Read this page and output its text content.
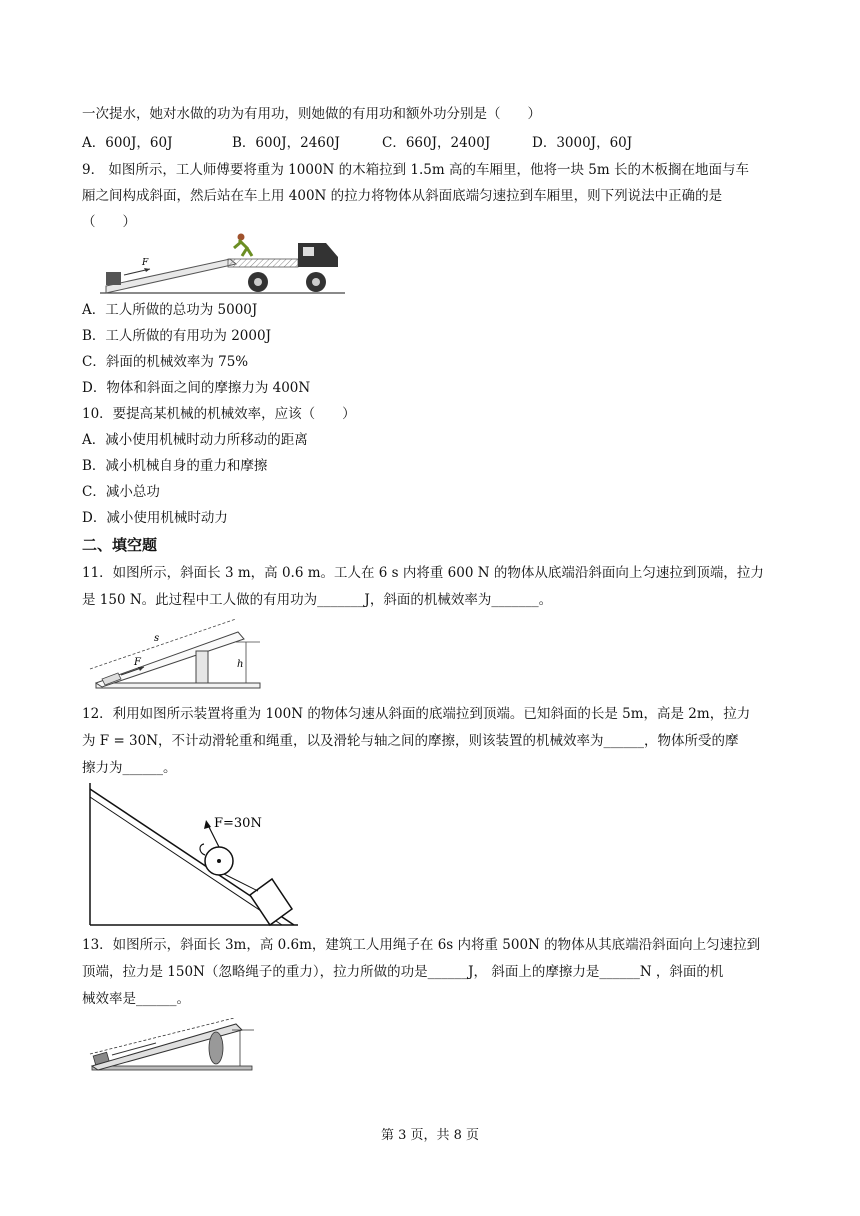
一次提水，她对水做的功为有用功，则她做的有用功和额外功分别是（　　）
A．600J，60J	B．600J，2460J	C．660J，2400J	D．3000J，60J
9． 如图所示，工人师傅要将重为 1000N 的木箱拉到 1.5m 高的车厢里，他将一块 5m 长的木板搁在地面与车
厢之间构成斜面，然后站在车上用 400N 的拉力将物体从斜面底端匀速拉到车厢里，则下列说法中正确的是
（　　）
F
A．工人所做的总功为 5000J
B．工人所做的有用功为 2000J
C．斜面的机械效率为 75%
D．物体和斜面之间的摩擦力为 400N
10．要提高某机械的机械效率，应该（　　）
A．减小使用机械时动力所移动的距离
B．减小机械自身的重力和摩擦
C．减小总功
D．减小使用机械时动力
二、填空题
11．如图所示，斜面长 3 m，高 0.6 m。工人在 6 s 内将重 600 N 的物体从底端沿斜面向上匀速拉到顶端，拉力
是 150 N。此过程中工人做的有用功为_______J，斜面的机械效率为_______。
h
s
F
12．利用如图所示装置将重为 100N 的物体匀速从斜面的底端拉到顶端。已知斜面的长是 5m，高是 2m，拉力
为 F = 30N，不计动滑轮重和绳重，以及滑轮与轴之间的摩擦，则该装置的机械效率为______，物体所受的摩
擦力为______。
F=30N
13．如图所示，斜面长 3m，高 0.6m，建筑工人用绳子在 6s 内将重 500N 的物体从其底端沿斜面向上匀速拉到
顶端，拉力是 150N（忽略绳子的重力），拉力所做的功是______J， 斜面上的摩擦力是______N ，斜面的机
械效率是______。
第 3 页，共 8 页
